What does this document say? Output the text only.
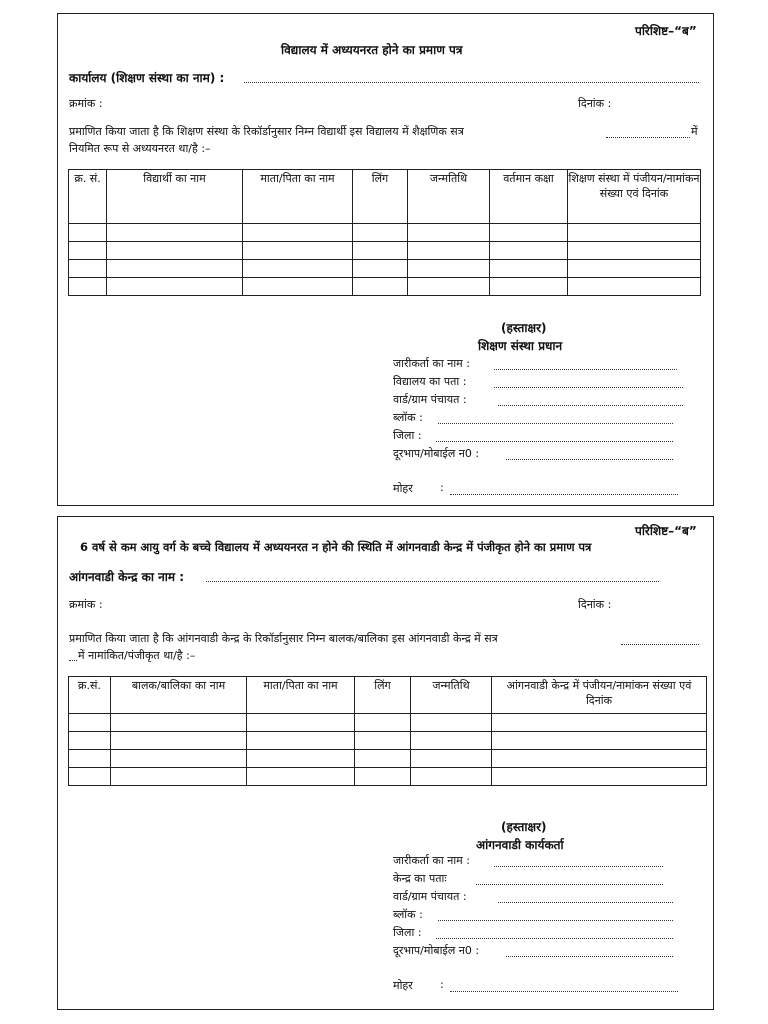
परिशिष्ट–“ब”
विद्यालय में अध्ययनरत होने का प्रमाण पत्र
कार्यालय (शिक्षण संस्था का नाम) :
क्रमांक :	दिनांक :
प्रमाणित किया जाता है कि शिक्षण संस्था के रिकॉर्डानुसार निम्न विद्यार्थी इस विद्यालय में शैक्षणिक सत्र	में
नियमित रूप से अध्ययनरत था/है :–
क्र. सं.	विद्यार्थी का नाम	माता/पिता का नाम	लिंग	जन्मतिथि	वर्तमान कक्षा	शिक्षण संस्था में पंजीयन/नामांकन संख्या एवं दिनांक

(हस्ताक्षर)
शिक्षण संस्था प्रधान
जारीकर्ता का नाम :
विद्यालय का पता :
वार्ड/ग्राम पंचायत :
ब्लॉक :
जिला :
दूरभाप/मोबाईल न0 :
मोहर :
परिशिष्ट–“ब”
6 वर्ष से कम आयु वर्ग के बच्चे विद्यालय में अध्ययनरत न होने की स्थिति में आंगनवाडी केन्द्र में पंजीकृत होने का प्रमाण पत्र
आंगनवाडी केन्द्र का नाम :
क्रमांक :	दिनांक :
प्रमाणित किया जाता है कि आंगनवाडी केन्द्र के रिकॉर्डानुसार निम्न बालक/बालिका इस आंगनवाडी केन्द्र में सत्र
में नामांकित/पंजीकृत था/है :–
क्र.सं.	बालक/बालिका का नाम	माता/पिता का नाम	लिंग	जन्मतिथि	आंगनवाडी केन्द्र में पंजीयन/नामांकन संख्या एवं दिनांक

(हस्ताक्षर)
आंगनवाडी कार्यकर्ता
जारीकर्ता का नाम :
केन्द्र का पताः
वार्ड/ग्राम पंचायत :
ब्लॉक :
जिला :
दूरभाप/मोबाईल न0 :
मोहर :
